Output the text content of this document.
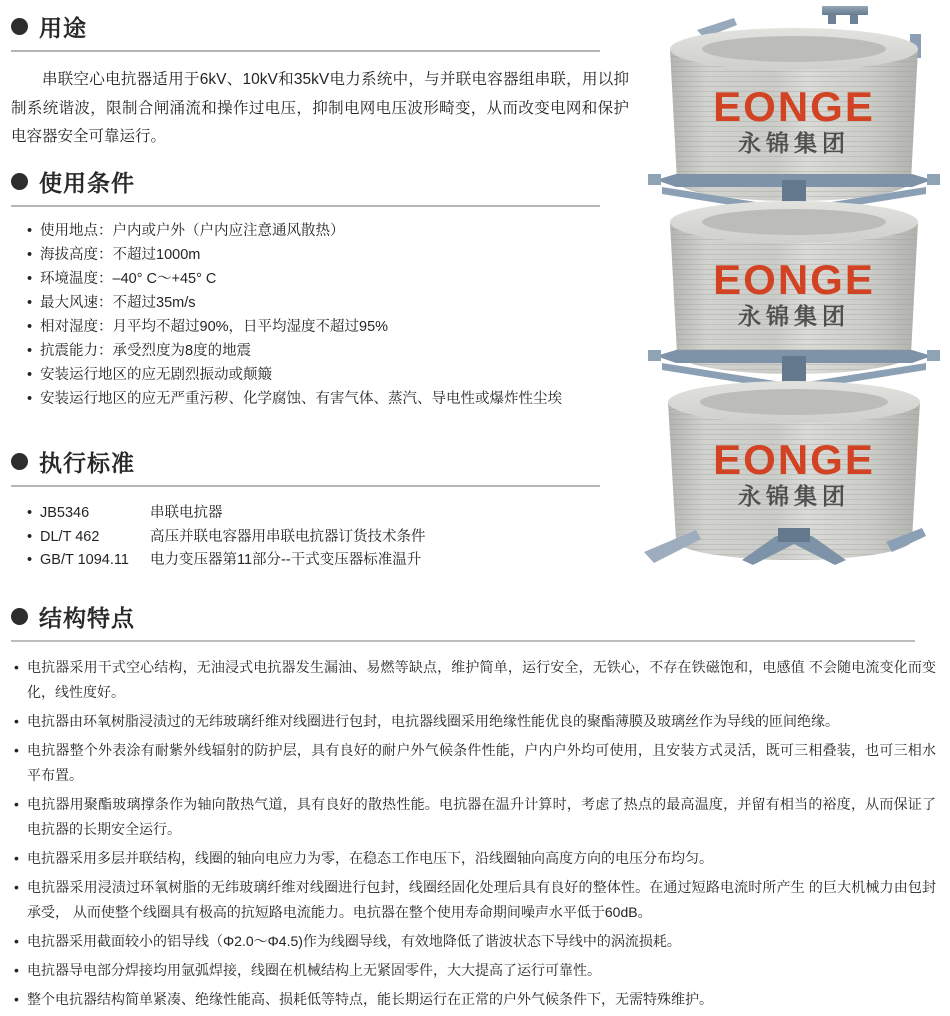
用途

串联空心电抗器适用于6kV、10kV和35kV电力系统中，与并联电容器组串联，用以抑制系统谐波，限制合闸涌流和操作过电压，抑制电网电压波形畸变，从而改变电网和保护电容器安全可靠运行。

使用条件
• 使用地点：户内或户外（户内应注意通风散热）
• 海拔高度：不超过1000m
• 环境温度：–40° C～+45° C
• 最大风速：不超过35m/s
• 相对湿度：月平均不超过90%，日平均湿度不超过95%
• 抗震能力：承受烈度为8度的地震
• 安装运行地区的应无剧烈振动或颠簸
• 安装运行地区的应无严重污秽、化学腐蚀、有害气体、蒸汽、导电性或爆炸性尘埃
执行标准
• JB5346	串联电抗器
• DL/T 462	高压并联电容器用串联电抗器订货技术条件
• GB/T 1094.11	电力变压器第11部分--干式变压器标准温升
结构特点
• 电抗器采用干式空心结构，无油浸式电抗器发生漏油、易燃等缺点，维护简单，运行安全，无铁心，不存在铁磁饱和，电感值 不会随电流变化而变化，线性度好。
• 电抗器由环氧树脂浸渍过的无纬玻璃纤维对线圈进行包封，电抗器线圈采用绝缘性能优良的聚酯薄膜及玻璃丝作为导线的匝间绝缘。
• 电抗器整个外表涂有耐紫外线辐射的防护层，具有良好的耐户外气候条件性能，户内户外均可使用，且安装方式灵活，既可三相叠装，也可三相水平布置。
• 电抗器用聚酯玻璃撑条作为轴向散热气道，具有良好的散热性能。电抗器在温升计算时，考虑了热点的最高温度，并留有相当的裕度，从而保证了电抗器的长期安全运行。
• 电抗器采用多层并联结构，线圈的轴向电应力为零，在稳态工作电压下，沿线圈轴向高度方向的电压分布均匀。
• 电抗器采用浸渍过环氧树脂的无纬玻璃纤维对线圈进行包封，线圈经固化处理后具有良好的整体性。在通过短路电流时所产生 的巨大机械力由包封承受， 从而使整个线圈具有极高的抗短路电流能力。电抗器在整个使用寿命期间噪声水平低于60dB。
• 电抗器采用截面较小的铝导线（Φ2.0～Φ4.5)作为线圈导线，有效地降低了谐波状态下导线中的涡流损耗。
• 电抗器导电部分焊接均用氩弧焊接，线圈在机械结构上无紧固零件，大大提高了运行可靠性。
• 整个电抗器结构简单紧凑、绝缘性能高、损耗低等特点，能长期运行在正常的户外气候条件下，无需特殊维护。
EONGE
永锦集团
EONGE
永锦集团
EONGE
永锦集团
